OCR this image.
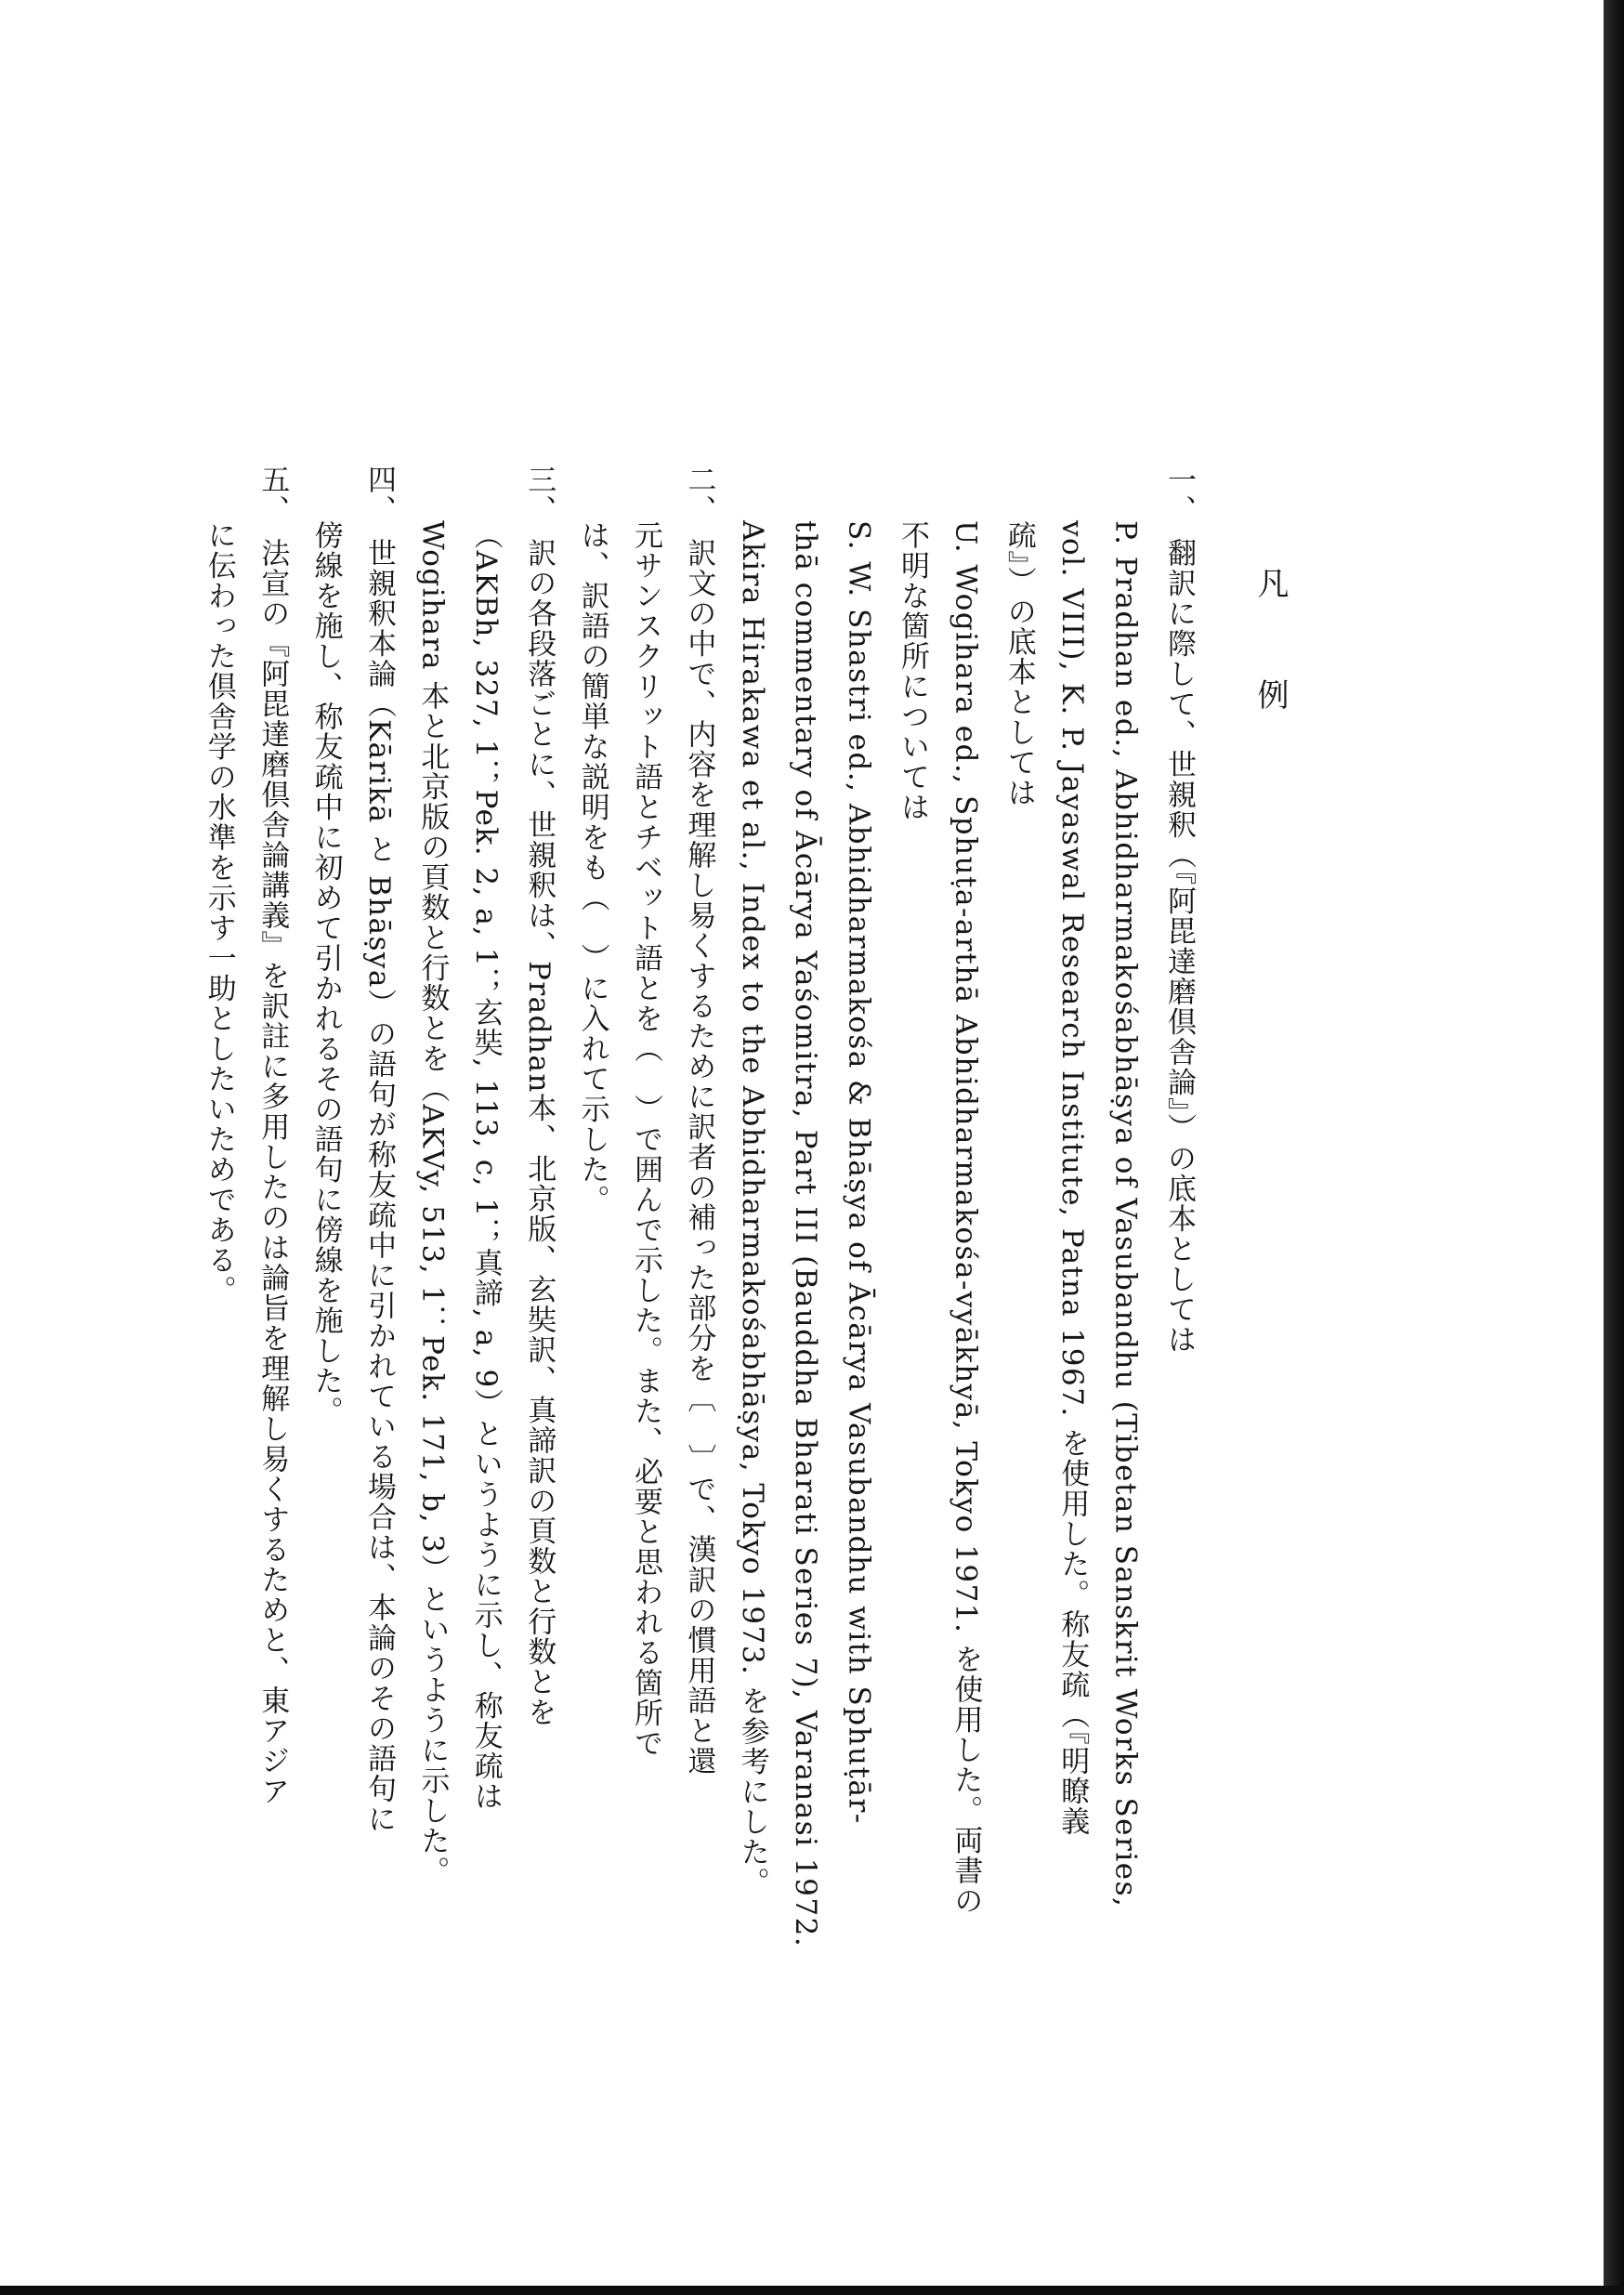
凡　例
一、翻訳に際して、世親釈（『阿毘達磨倶舎論』）の底本としては
P. Pradhan ed., Abhidharmakośabhāṣya of Vasubandhu (Tibetan Sanskrit Works Series,
vol. VIII), K. P. Jayaswal Research Institute, Patna 1967. を使用した。称友疏（『明瞭義
疏』）の底本としては
U. Wogihara ed., Sphuṭa-arthā Abhidharmakośa-vyākhyā, Tokyo 1971. を使用した。両書の
不明な箇所については
S. W. Shastri ed., Abhidharmakośa & Bhāṣya of Ācārya Vasubandhu with Sphuṭār-
thā commentary of Ācārya Yaśomitra, Part III (Bauddha Bharati Series 7), Varanasi 1972.
Akira Hirakawa et al., Index to the Abhidharmakośabhāṣya, Tokyo 1973. を参考にした。
二、訳文の中で、内容を理解し易くするために訳者の補った部分を〔　〕で、漢訳の慣用語と還
元サンスクリット語とチベット語とを（　）で囲んで示した。また、必要と思われる箇所で
は、訳語の簡単な説明をも（　）に入れて示した。
三、訳の各段落ごとに、世親釈は、Pradhan本、北京版、玄奘訳、真諦訳の頁数と行数とを
（AKBh, 327, 1；Pek. 2, a, 1；玄奘, 113, c, 1；真諦, a, 9）というように示し、称友疏は
Wogihara 本と北京版の頁数と行数とを（AKVy, 513, 1：Pek. 171, b, 3）というように示した。
四、世親釈本論（Kārikā と Bhāṣya）の語句が称友疏中に引かれている場合は、本論のその語句に
傍線を施し、称友疏中に初めて引かれるその語句に傍線を施した。
五、法宣の『阿毘達磨倶舎論講義』を訳註に多用したのは論旨を理解し易くするためと、東アジア
に伝わった倶舎学の水準を示す一助としたいためである。
